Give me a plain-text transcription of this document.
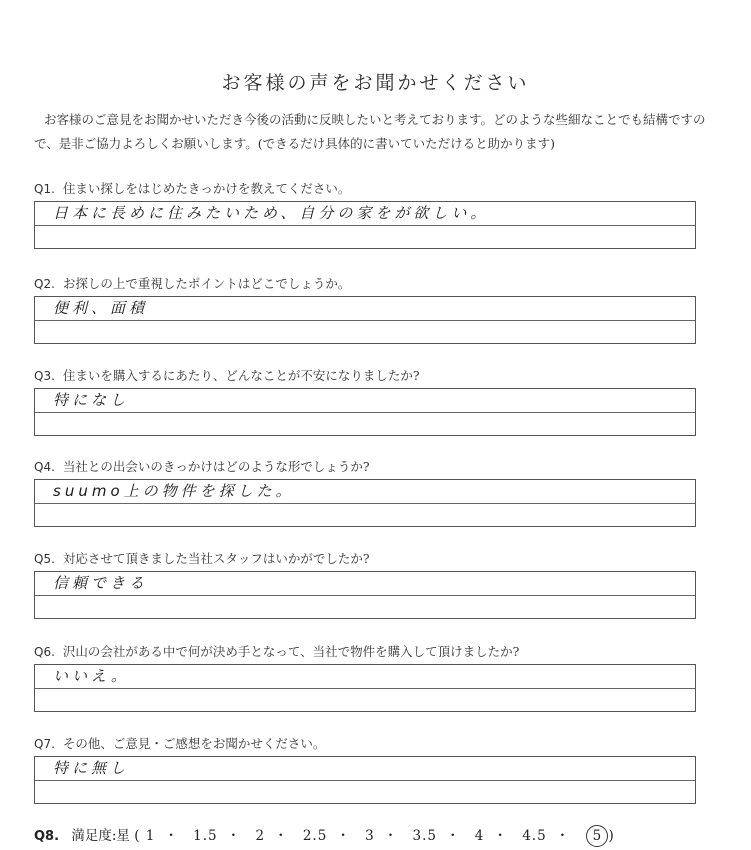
お客様の声をお聞かせください
お客様のご意見をお聞かせいただき今後の活動に反映したいと考えております。どのような些細なことでも結構ですので、是非ご協力よろしくお願いします。(できるだけ具体的に書いていただけると助かります)
Q1. 住まい探しをはじめたきっかけを教えてください。
日本に長めに住みたいため、自分の家をが欲しい。
Q2. お探しの上で重視したポイントはどこでしょうか。
便利、面積
Q3. 住まいを購入するにあたり、どんなことが不安になりましたか?
特になし
Q4. 当社との出会いのきっかけはどのような形でしょうか?
suumo上の物件を探した。
Q5. 対応させて頂きました当社スタッフはいかがでしたか?
信頼できる
Q6. 沢山の会社がある中で何が決め手となって、当社で物件を購入して頂けましたか?
いいえ。
Q7. その他、ご意見・ご感想をお聞かせください。
特に無し
Q8. 満足度:星 ( 1 ・ 1.5 ・ 2 ・ 2.5 ・ 3 ・ 3.5 ・ 4 ・ 4.5 ・ 5 )
